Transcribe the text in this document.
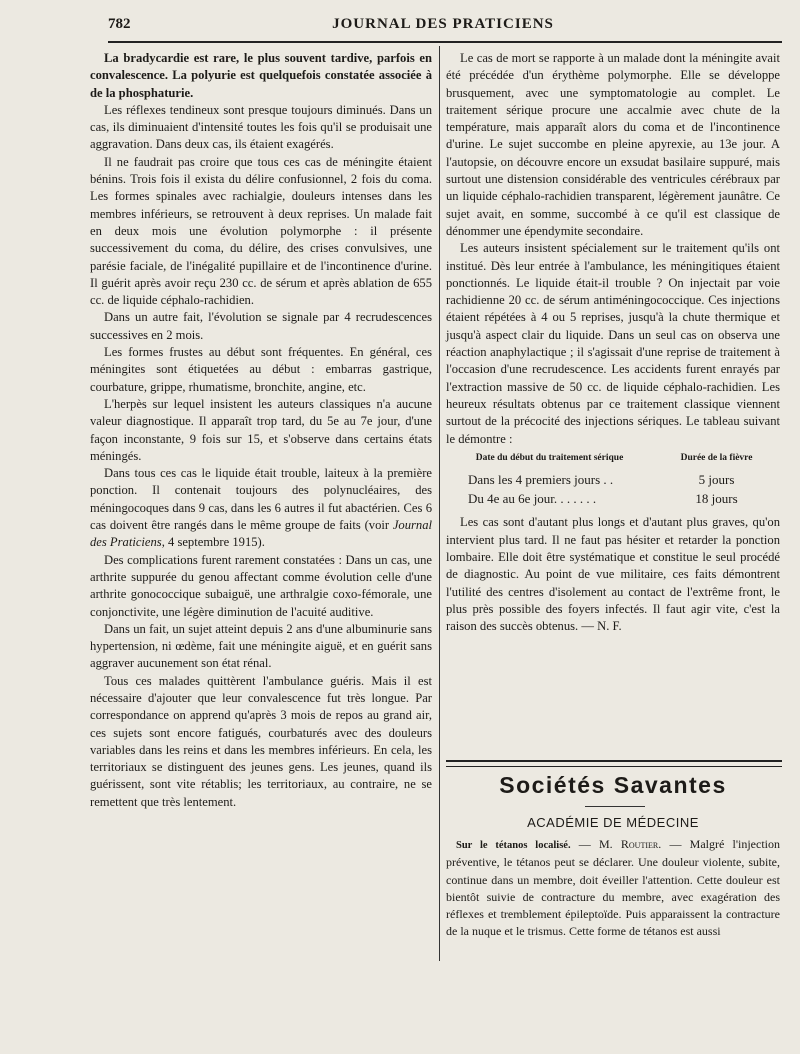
782	JOURNAL DES PRATICIENS

La bradycardie est rare, le plus souvent tardive, parfois en convalescence. La polyurie est quelquefois constatée associée à de la phosphaturie.

Les réflexes tendineux sont presque toujours diminués. Dans un cas, ils diminuaient d'intensité toutes les fois qu'il se produisait une aggravation. Dans deux cas, ils étaient exagérés.

Il ne faudrait pas croire que tous ces cas de méningite étaient bénins. Trois fois il exista du délire confusionnel, 2 fois du coma. Les formes spinales avec rachialgie, douleurs intenses dans les membres inférieurs, se retrouvent à deux reprises. Un malade fait en deux mois une évolution polymorphe : il présente successivement du coma, du délire, des crises convulsives, une parésie faciale, de l'inégalité pupillaire et de l'incontinence d'urine. Il guérit après avoir reçu 230 cc. de sérum et après ablation de 655 cc. de liquide céphalo-rachidien.

Dans un autre fait, l'évolution se signale par 4 recrudescences successives en 2 mois.

Les formes frustes au début sont fréquentes. En général, ces méningites sont étiquetées au début : embarras gastrique, courbature, grippe, rhumatisme, bronchite, angine, etc.

L'herpès sur lequel insistent les auteurs classiques n'a aucune valeur diagnostique. Il apparaît trop tard, du 5e au 7e jour, d'une façon inconstante, 9 fois sur 15, et s'observe dans certains états méningés.

Dans tous ces cas le liquide était trouble, laiteux à la première ponction. Il contenait toujours des polynucléaires, des méningocoques dans 9 cas, dans les 6 autres il fut abactérien. Ces 6 cas doivent être rangés dans le même groupe de faits (voir Journal des Praticiens, 4 septembre 1915).

Des complications furent rarement constatées : Dans un cas, une arthrite suppurée du genou affectant comme évolution celle d'une arthrite gonococcique subaiguë, une arthralgie coxo-fémorale, une conjonctivite, une légère diminution de l'acuité auditive.

Dans un fait, un sujet atteint depuis 2 ans d'une albuminurie sans hypertension, ni œdème, fait une méningite aiguë, et en guérit sans aggraver aucunement son état rénal.

Tous ces malades quittèrent l'ambulance guéris. Mais il est nécessaire d'ajouter que leur convalescence fut très longue. Par correspondance on apprend qu'après 3 mois de repos au grand air, ces sujets sont encore fatigués, courbaturés avec des douleurs variables dans les reins et dans les membres inférieurs. En cela, les territoriaux se distinguent des jeunes gens. Les jeunes, quand ils guérissent, sont vite rétablis; les territoriaux, au contraire, ne se remettent que très lentement.

Le cas de mort se rapporte à un malade dont la méningite avait été précédée d'un érythème polymorphe. Elle se développe brusquement, avec une symptomatologie au complet. Le traitement sérique procure une accalmie avec chute de la température, mais apparaît alors du coma et de l'incontinence d'urine. Le sujet succombe en pleine apyrexie, au 13e jour. A l'autopsie, on découvre encore un exsudat basilaire suppuré, mais surtout une distension considérable des ventricules cérébraux par un liquide céphalo-rachidien transparent, légèrement jaunâtre. Ce sujet avait, en somme, succombé à ce qu'il est classique de dénommer une épendymite secondaire.

Les auteurs insistent spécialement sur le traitement qu'ils ont institué. Dès leur entrée à l'ambulance, les méningitiques étaient ponctionnés. Le liquide était-il trouble ? On injectait par voie rachidienne 20 cc. de sérum antiméningococcique. Ces injections étaient répétées à 4 ou 5 reprises, jusqu'à la chute thermique et jusqu'à aspect clair du liquide. Dans un seul cas on observa une réaction anaphylactique ; il s'agissait d'une reprise de traitement à l'occasion d'une recrudescence. Les accidents furent enrayés par l'extraction massive de 50 cc. de liquide céphalo-rachidien. Les heureux résultats obtenus par ce traitement classique viennent surtout de la précocité des injections sériques. Le tableau suivant le démontre :

Date du début du traitement sérique	Durée de la fièvre
Dans les 4 premiers jours . .	5 jours
Du 4e au 6e jour. . . . . . .	18 jours

Les cas sont d'autant plus longs et d'autant plus graves, qu'on intervient plus tard. Il ne faut pas hésiter et retarder la ponction lombaire. Elle doit être systématique et constitue le seul procédé de diagnostic. Au point de vue militaire, ces faits démontrent l'utilité des centres d'isolement au contact de l'extrême front, le plus près possible des foyers infectés. Il faut agir vite, c'est la raison des succès obtenus. — N. F.

Sociétés Savantes
ACADÉMIE DE MÉDECINE
Sur le tétanos localisé. — M. Routier. — Malgré l'injection préventive, le tétanos peut se déclarer. Une douleur violente, subite, continue dans un membre, doit éveiller l'attention. Cette douleur est bientôt suivie de contracture du membre, avec exagération des réflexes et tremblement épileptoïde. Puis apparaissent la contracture de la nuque et le trismus. Cette forme de tétanos est aussi
